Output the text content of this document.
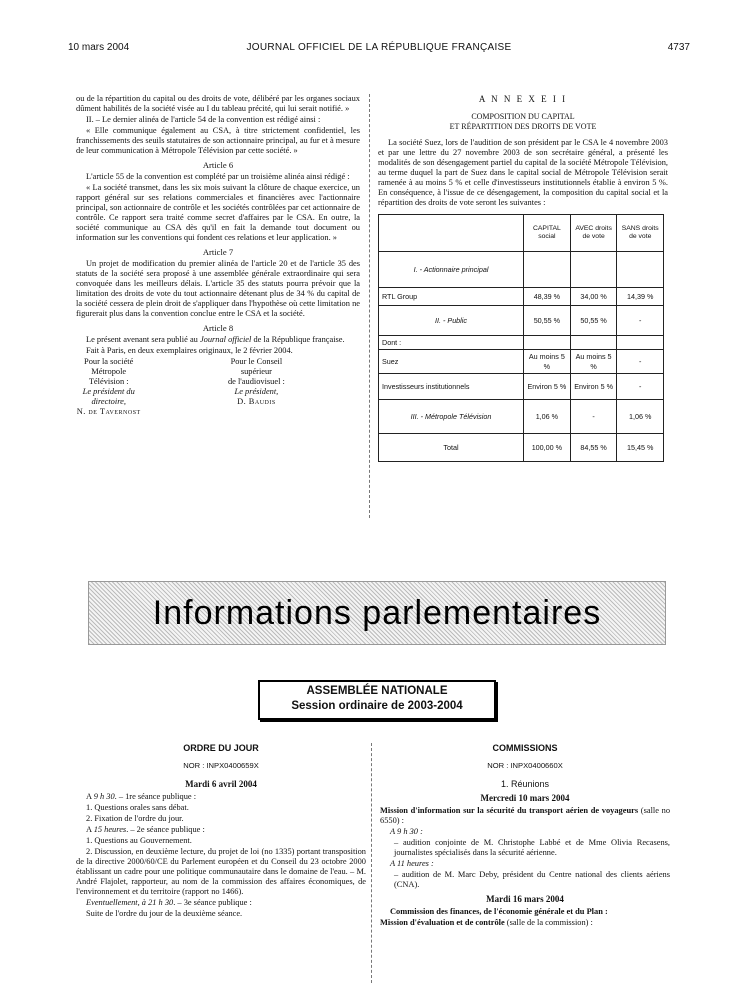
10 mars 2004	JOURNAL OFFICIEL DE LA RÉPUBLIQUE FRANÇAISE	4737

ou de la répartition du capital ou des droits de vote, délibéré par les organes sociaux dûment habilités de la société visée au I du tableau précité, qui lui serait notifié. »

II. – Le dernier alinéa de l'article 54 de la convention est rédigé ainsi :

« Elle communique également au CSA, à titre strictement confidentiel, les franchissements des seuils statutaires de son actionnaire principal, au fur et à mesure de leur communication à Métropole Télévision par cette société. »

Article 6

L'article 55 de la convention est complété par un troisième alinéa ainsi rédigé :

« La société transmet, dans les six mois suivant la clôture de chaque exercice, un rapport général sur ses relations commerciales et financières avec l'actionnaire principal, son actionnaire de contrôle et les sociétés contrôlées par cet actionnaire de contrôle. Ce rapport sera traité comme secret d'affaires par le CSA. En outre, la société communique au CSA dès qu'il en fait la demande tout document ou information sur les conventions qui fondent ces relations et leur application. »

Article 7

Un projet de modification du premier alinéa de l'article 20 et de l'article 35 des statuts de la société sera proposé à une assemblée générale extraordinaire qui sera convoquée dans les meilleurs délais. L'article 35 des statuts pourra prévoir que la limitation des droits de vote du tout actionnaire détenant plus de 34 % du capital de la société cessera de plein droit de s'appliquer dans l'hypothèse où cette limitation ne figurerait plus dans la convention conclue entre le CSA et la société.

Article 8

Le présent avenant sera publié au Journal officiel de la République française.

Fait à Paris, en deux exemplaires originaux, le 2 février 2004.

Pour la société
Métropole Télévision :
Le président du directoire,
N. de Tavernost
Pour le Conseil supérieur
de l'audiovisuel :
Le président,
D. Baudis
A N N E X E I I
COMPOSITION DU CAPITAL
ET RÉPARTITION DES DROITS DE VOTE

La société Suez, lors de l'audition de son président par le CSA le 4 novembre 2003 et par une lettre du 27 novembre 2003 de son secrétaire général, a présenté les modalités de son désengagement partiel du capital de la société Métropole Télévision, au terme duquel la part de Suez dans le capital social de Métropole Télévision serait ramenée à au moins 5 % et celle d'investisseurs institutionnels établie à environ 5 %. En conséquence, à l'issue de ce désengagement, la composition du capital social et la répartition des droits de vote seront les suivantes :

	CAPITAL social	AVEC droits de vote	SANS droits de vote
I. - Actionnaire principal			
RTL Group	48,39 %	34,00 %	14,39 %
II. - Public	50,55 %	50,55 %	-
Dont :			
Suez	Au moins 5 %	Au moins 5 %	-
Investisseurs institutionnels	Environ 5 %	Environ 5 %	-
III. - Métropole Télévision	1,06 %	-	1,06 %
Total	100,00 %	84,55 %	15,45 %
Informations parlementaires
ASSEMBLÉE NATIONALE
Session ordinaire de 2003-2004
ORDRE DU JOUR
NOR : INPX0400659X
Mardi 6 avril 2004

A 9 h 30. – 1re séance publique :

1. Questions orales sans débat.

2. Fixation de l'ordre du jour.

A 15 heures. – 2e séance publique :

1. Questions au Gouvernement.

2. Discussion, en deuxième lecture, du projet de loi (no 1335) portant transposition de la directive 2000/60/CE du Parlement européen et du Conseil du 23 octobre 2000 établissant un cadre pour une politique communautaire dans le domaine de l'eau. – M. André Flajolet, rapporteur, au nom de la commission des affaires économiques, de l'environnement et du territoire (rapport no 1466).

Eventuellement, à 21 h 30. – 3e séance publique :

Suite de l'ordre du jour de la deuxième séance.

COMMISSIONS
NOR : INPX0400660X
1. Réunions
Mercredi 10 mars 2004

Mission d'information sur la sécurité du transport aérien de voyageurs (salle no 6550) :

A 9 h 30 :

– audition conjointe de M. Christophe Labbé et de Mme Olivia Recasens, journalistes spécialisés dans la sécurité aérienne.

A 11 heures :

– audition de M. Marc Deby, président du Centre national des clients aériens (CNA).

Mardi 16 mars 2004

Commission des finances, de l'économie générale et du Plan :

Mission d'évaluation et de contrôle (salle de la commission) :
